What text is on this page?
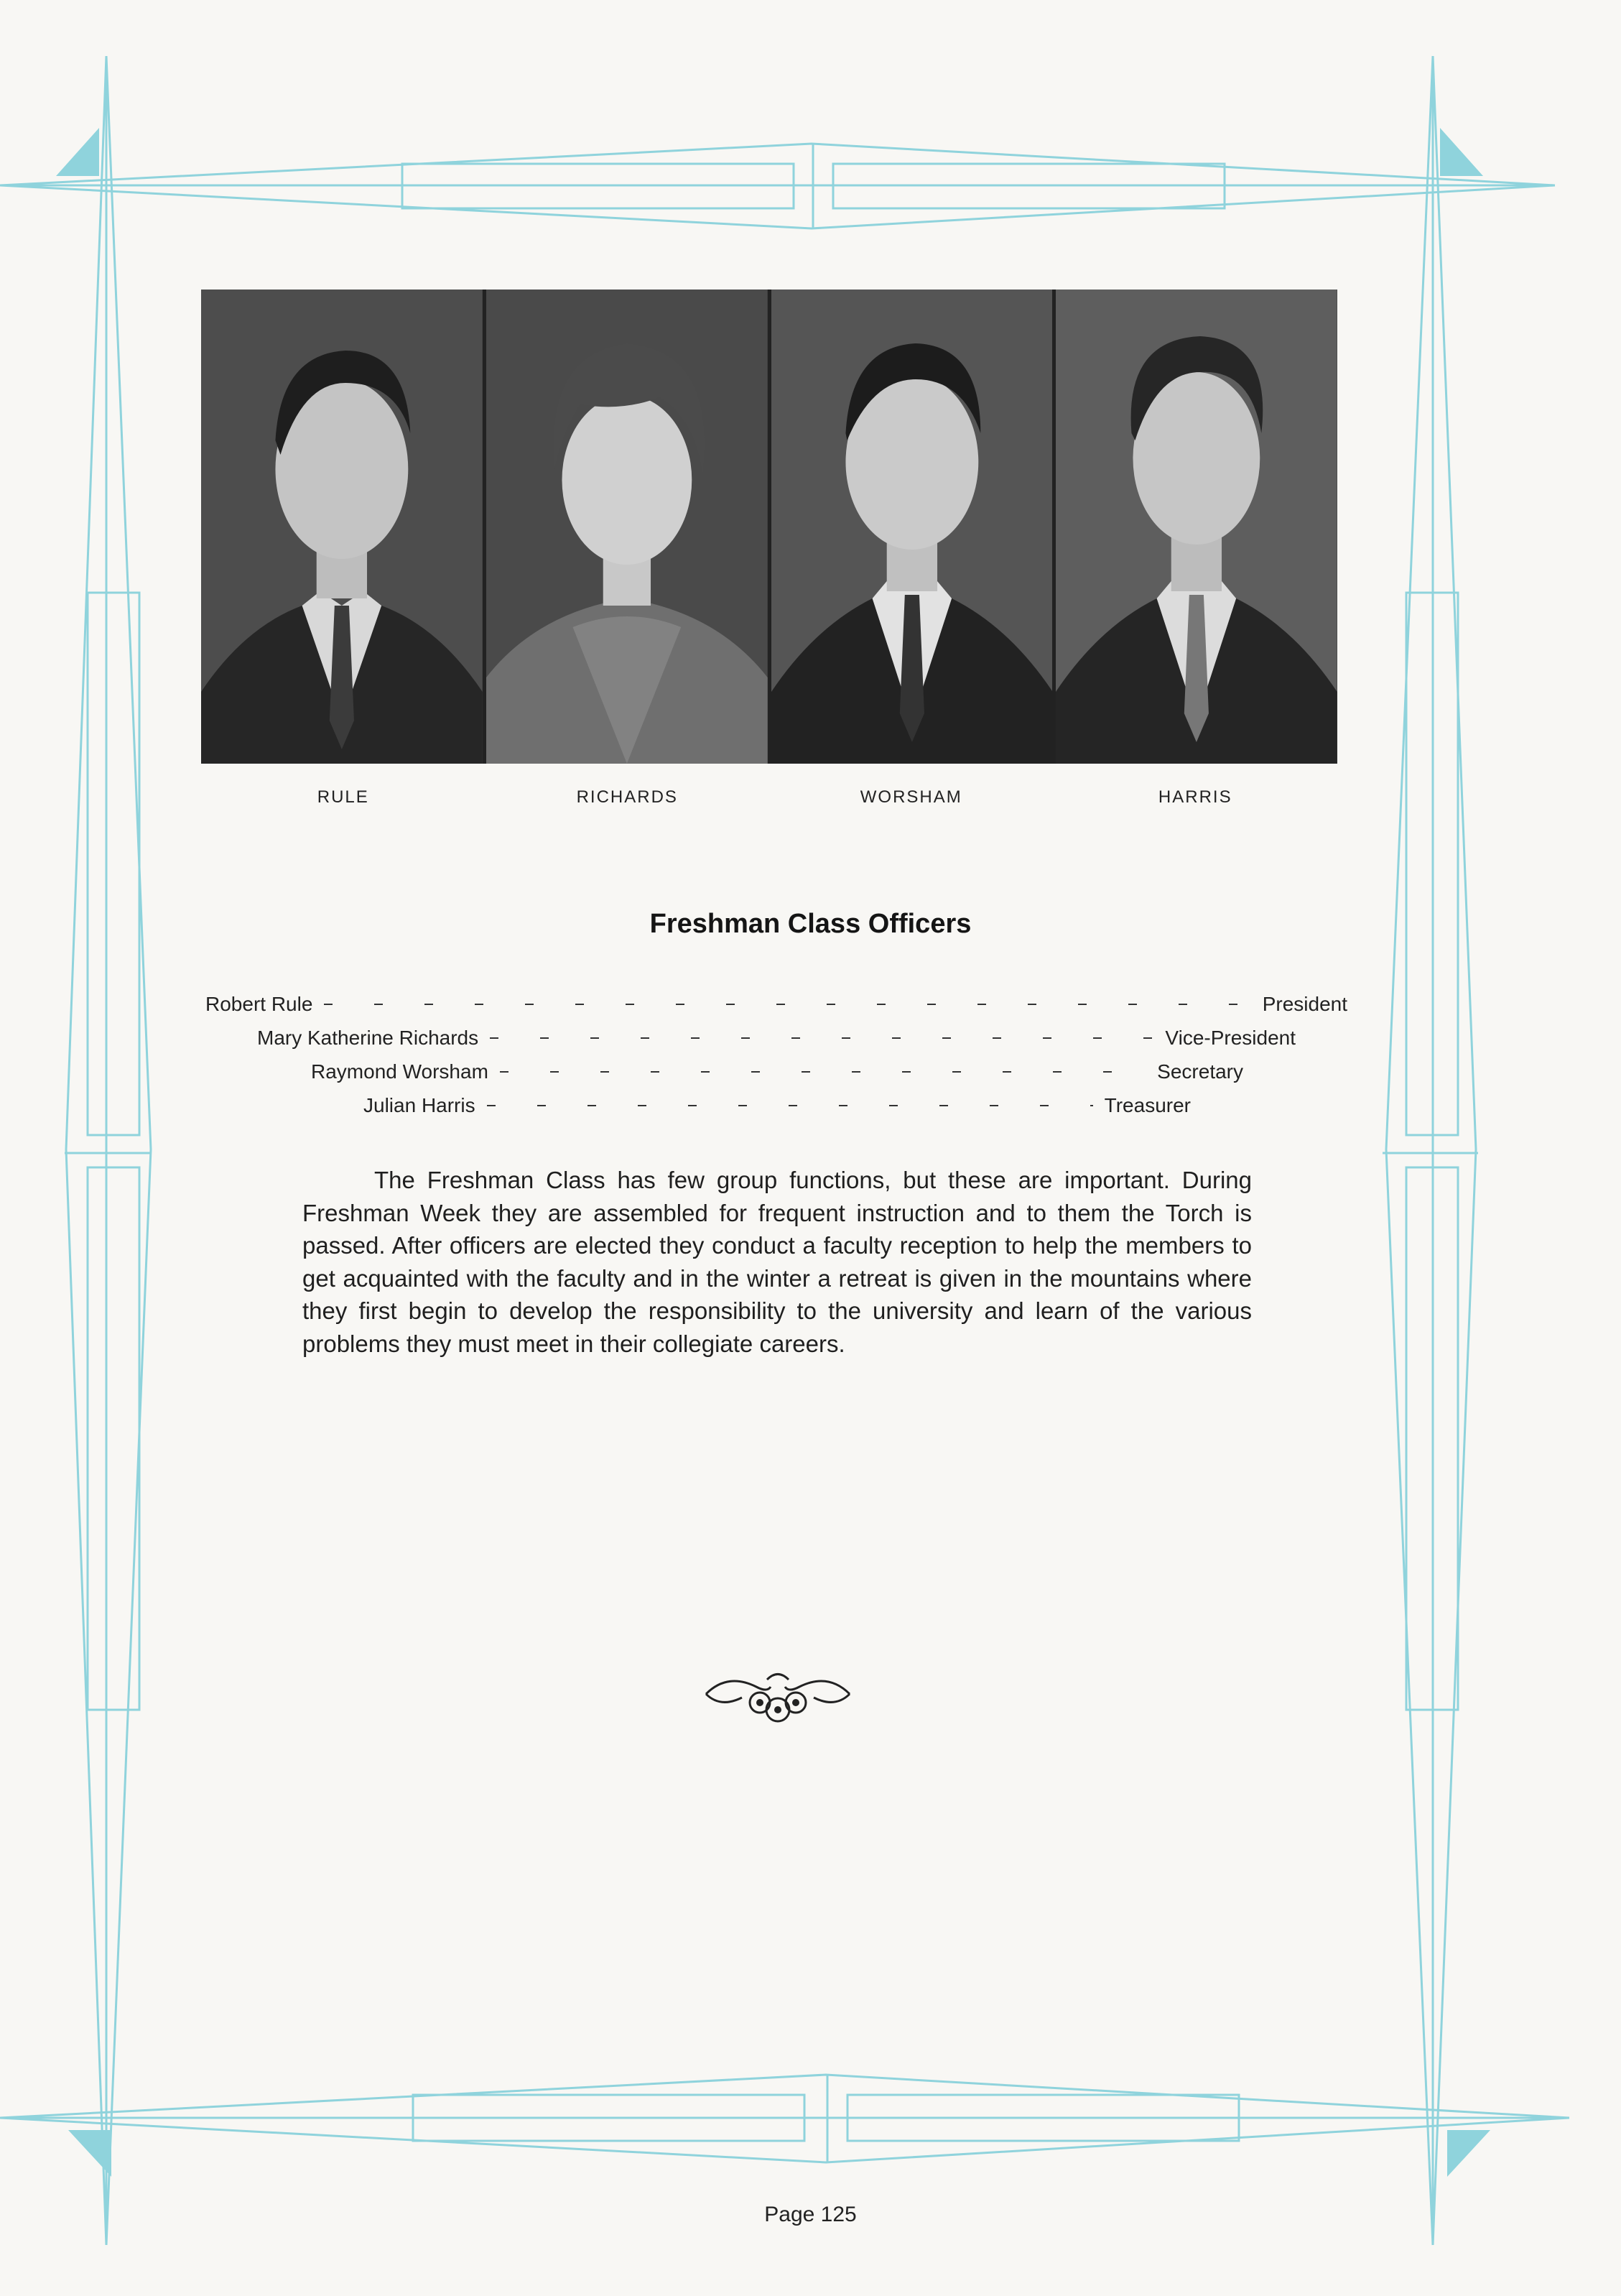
RULE	RICHARDS	WORSHAM	HARRIS
Freshman Class Officers
Robert Rule	President
Mary Katherine Richards	Vice-President
Raymond Worsham	Secretary
Julian Harris	Treasurer
The Freshman Class has few group functions, but these are important. During Freshman Week they are assembled for frequent instruction and to them the Torch is passed. After officers are elected they conduct a faculty reception to help the members to get acquainted with the faculty and in the winter a retreat is given in the mountains where they first begin to develop the responsibility to the university and learn of the various problems they must meet in their collegiate careers.
Page 125
